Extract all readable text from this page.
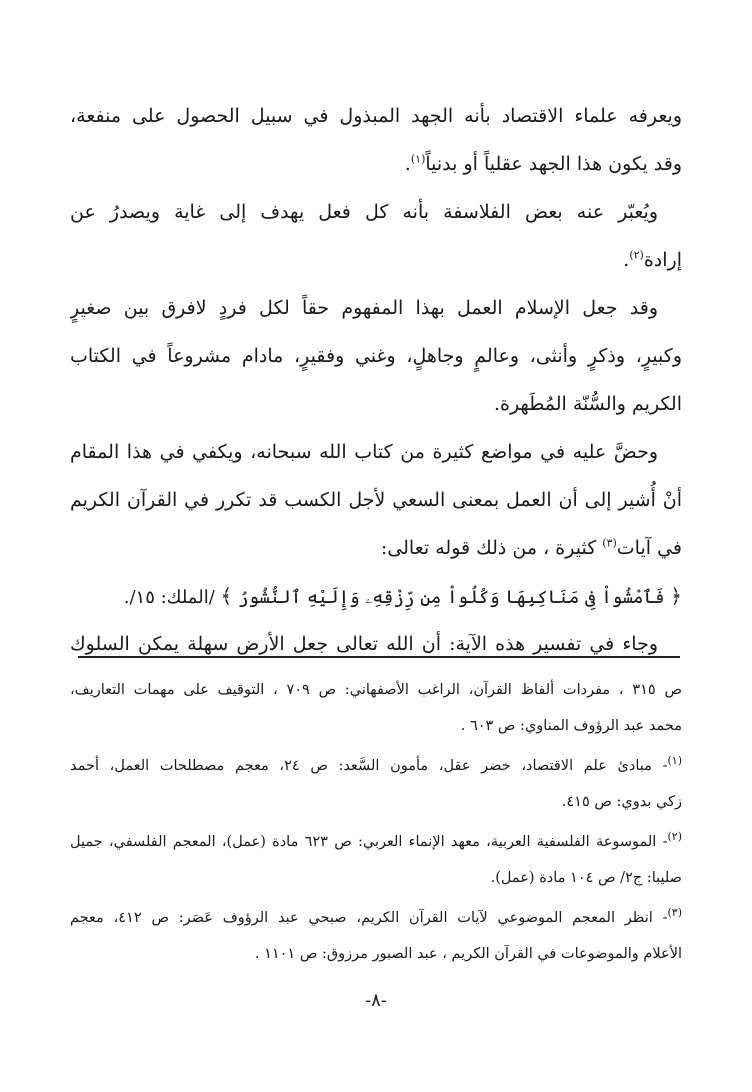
ويعرفه علماء الاقتصاد بأنه الجهد المبذول في سبيل الحصول على منفعة،
وقد يكون هذا الجهد عقلياً أو بدنياً$^{(١)}$.
ويُعبّر عنه بعض الفلاسفة بأنه كل فعل يهدف إلى غاية ويصدرُ عن
إرادة$^{(٢)}$.
وقد جعل الإسلام العمل بهذا المفهوم حقاً لكل فردٍ لافرق بين صغيرٍ
وكبيرٍ، وذكرٍ وأنثى، وعالمٍ وجاهلٍ، وغني وفقيرٍ، مادام مشروعاً في الكتاب
الكريم والسُّنّة المُطَهرة.
وحضَّ عليه في مواضع كثيرة من كتاب الله سبحانه، ويكفي في هذا المقام
أنْ أُشير إلى أن العمل بمعنى السعي لأجل الكسب قد تكرر في القرآن الكريم
في آيات$^{(٣)}$ كثيرة ، من ذلك قوله تعالى:
﴿ فَٱمْشُواْ فِى مَنَاكِبِهَا وَكُلُواْ مِن رِّزْقِهِۦ وَإِلَيْهِ ٱلنُّشُورُ ﴾ /الملك: ١٥/.
وجاء في تفسير هذه الآية: أن الله تعالى جعل الأرض سهلة يمكن السلوك
ص ٣١٥ ، مفردات ألفاظ القرآن، الراغب الأصفهاني: ص ٧٠٩ ، التوقيف على مهمات التعاريف،
محمد عبد الرؤوف المناوي: ص ٦٠٣ .
$^{(١)}$- مبادئ علم الاقتصاد، خضر عقل، مأمون السَّعد: ص ٢٤، معجم مصطلحات العمل، أحمد
زكي بدوي: ص ٤١٥.
$^{(٢)}$- الموسوعة الفلسفية العربية، معهد الإنماء العربي: ص ٦٢٣ مادة (عمل)، المعجم الفلسفي، جميل
صليبا: ج٢/ ص ١٠٤ مادة (عمل).
$^{(٣)}$- انظر المعجم الموضوعي لآيات القرآن الكريم، صبحي عبد الرؤوف عَصَر: ص ٤١٢، معجم
الأعلام والموضوعات في القرآن الكريم ، عبد الصبور مرزوق: ص ١١٠١ .
-٨-
